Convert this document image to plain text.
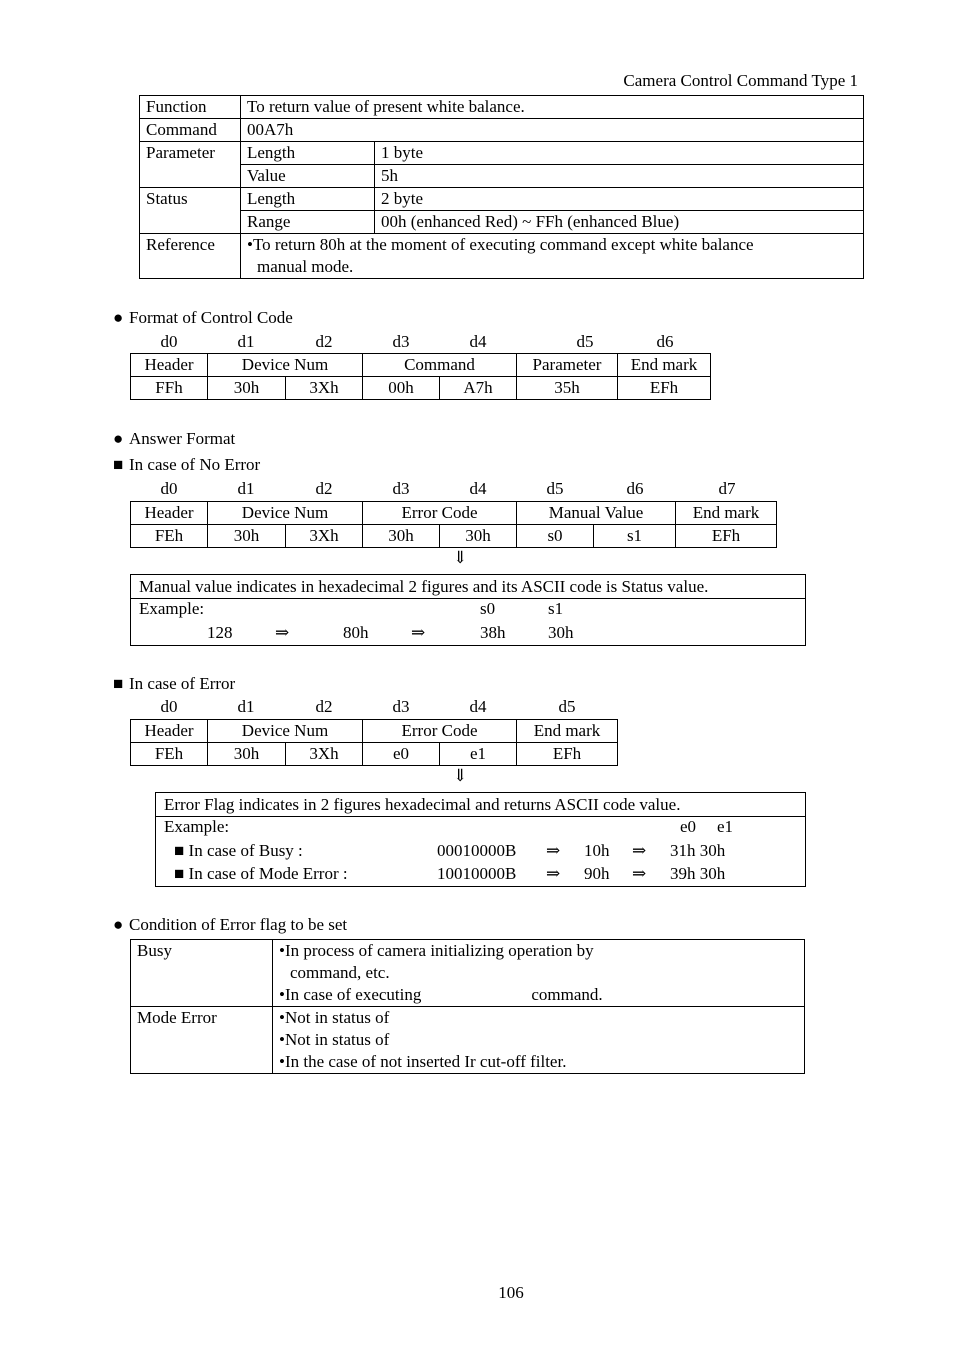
Camera Control Command Type 1
Function	To return value of present white balance.	
Command	00A7h	
Parameter	Length	1 byte
	Value	5h
Status	Length	2 byte
	Range	00h (enhanced Red) ~ FFh (enhanced Blue)
Reference	•To return 80h at the moment of executing command except white balance
manual mode.	
● Format of Control Code
d0	d1	d2	d3	d4	d5	d6
Header	Device Num		Command		Parameter	End mark
FFh	30h	3Xh	00h	A7h	35h	EFh
● Answer Format
■ In case of No Error
d0	d1	d2	d3	d4	d5	d6	d7
Header	Device Num		Error Code		Manual Value		End mark
FEh	30h	3Xh	30h	30h	s0	s1	EFh
⇓
Manual value indicates in hexadecimal 2 figures and its ASCII code is Status value.
Example:	s0	s1
128	⇒	80h	⇒	38h	30h
■ In case of Error
d0	d1	d2	d3	d4	d5
Header	Device Num		Error Code		End mark
FEh	30h	3Xh	e0	e1	EFh
⇓
Error Flag indicates in 2 figures hexadecimal and returns ASCII code value.
Example:	e0 e1
■ In case of Busy :	00010000B ⇒ 10h ⇒ 31h 30h
■ In case of Mode Error :	10010000B ⇒ 90h ⇒ 39h 30h
● Condition of Error flag to be set
Busy	•In process of camera initializing operation by
command, etc.
•In case of executing command.

Mode Error	•Not in status of
•Not in status of
•In the case of not inserted Ir cut-off filter.
106
